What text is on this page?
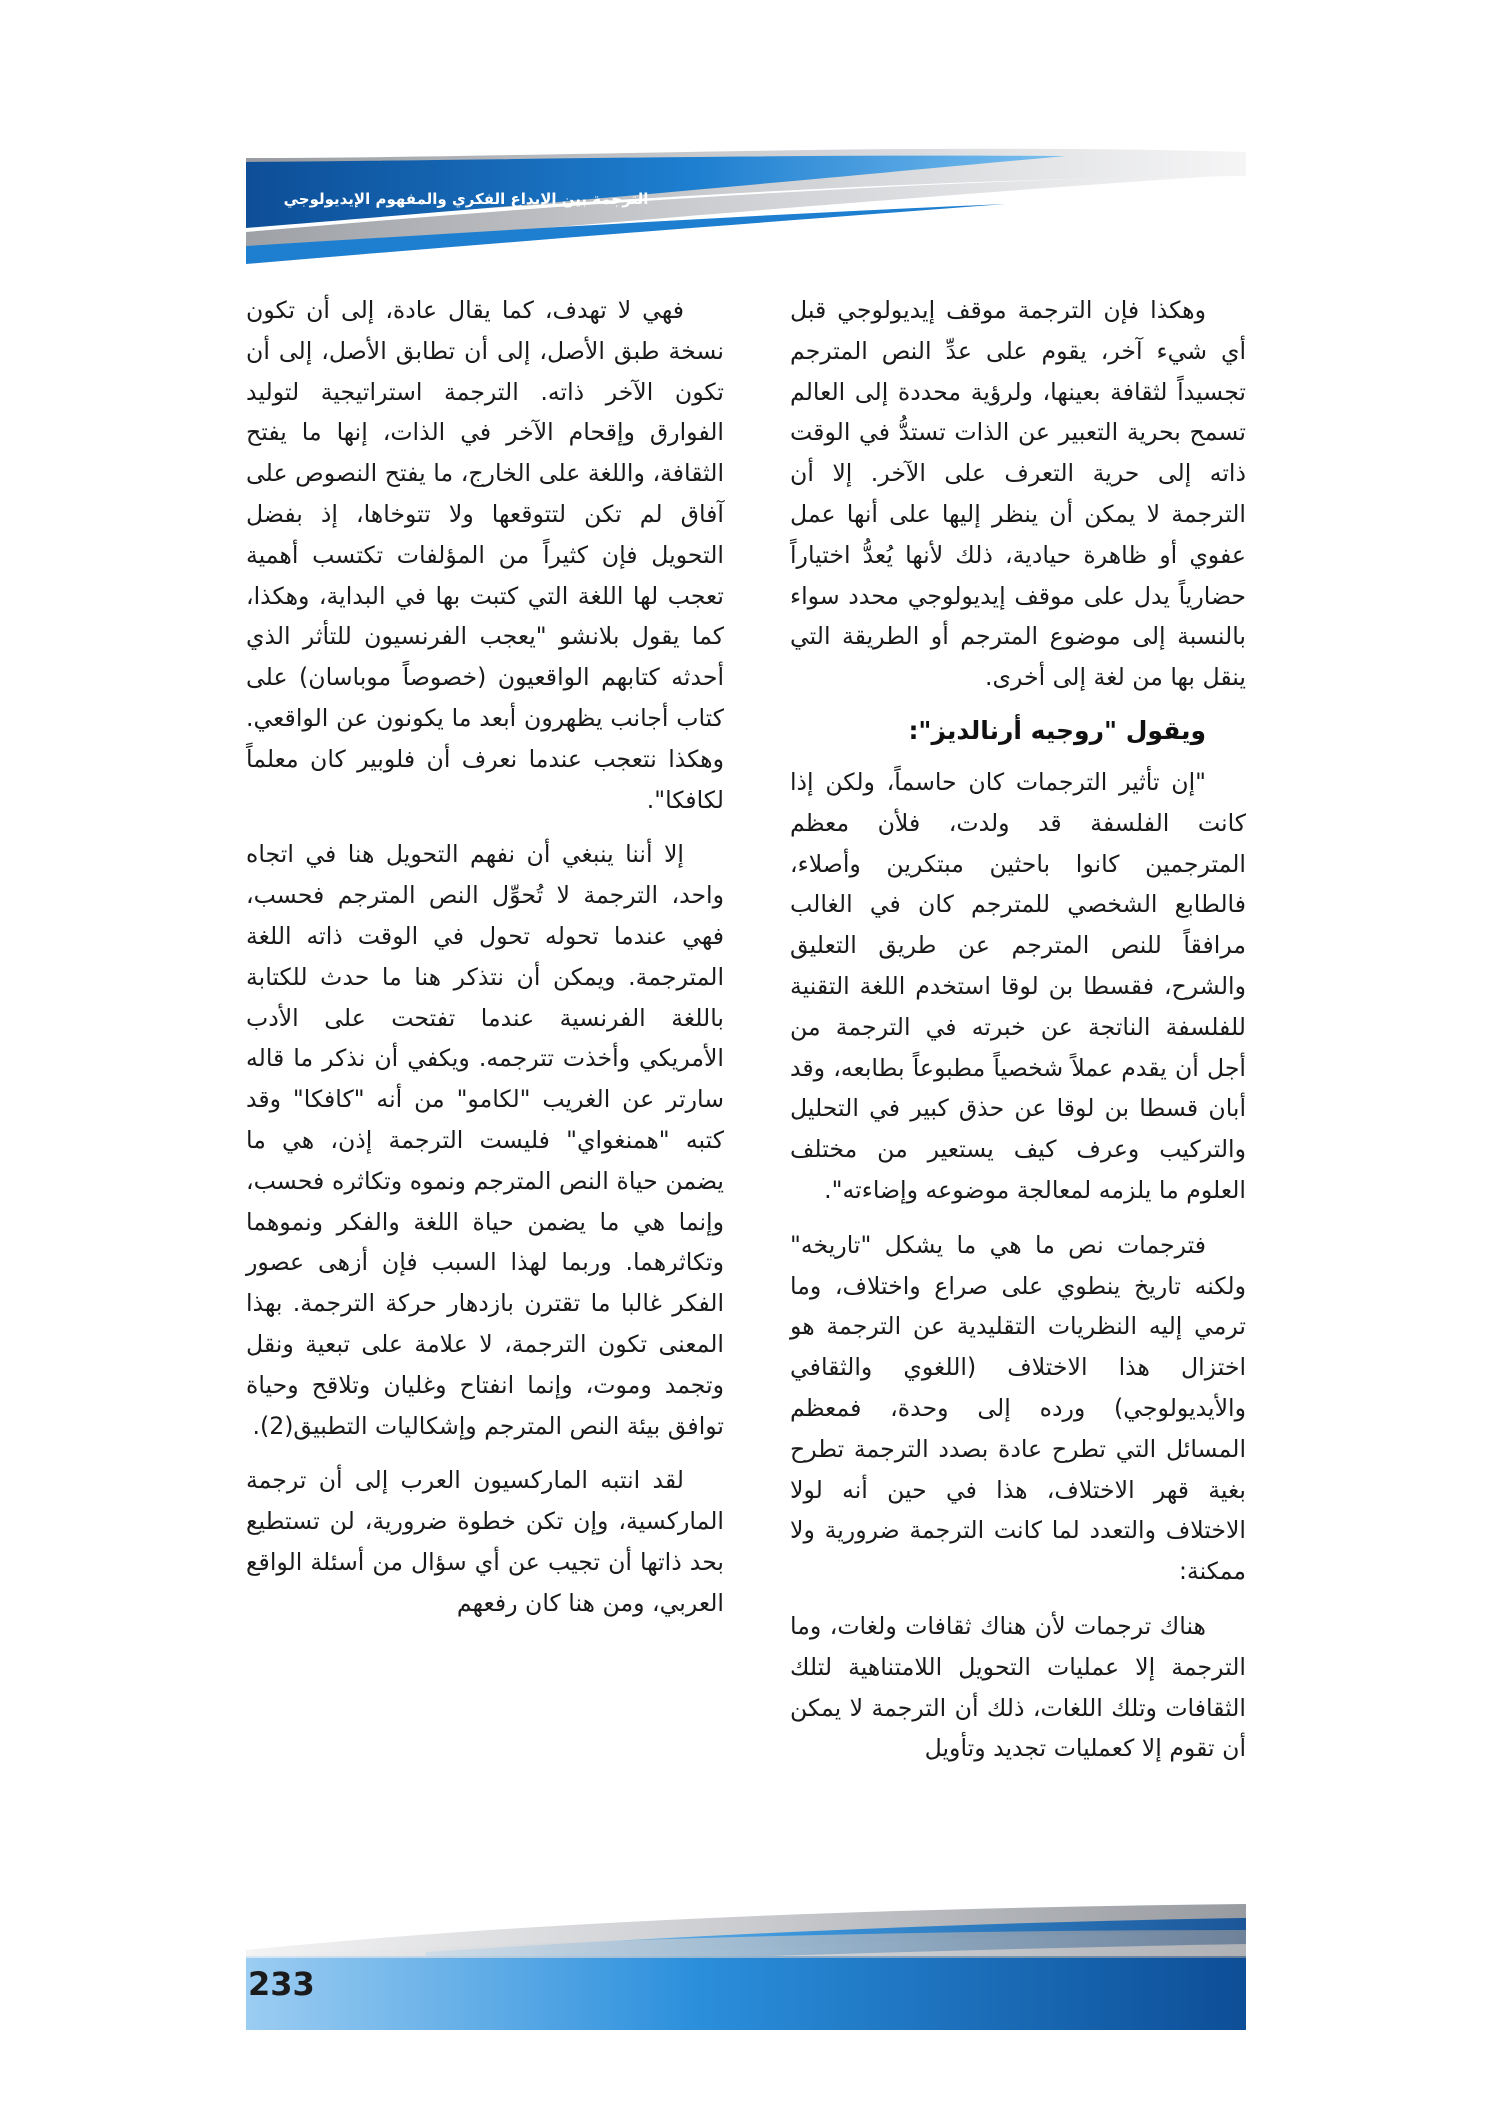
الترجمة بين الإبداع الفكري والمفهوم الإيديولوجي

وهكذا فإن الترجمة موقف إيديولوجي قبل أي شيء آخر، يقوم على عدِّ النص المترجم تجسيداً لثقافة بعينها، ولرؤية محددة إلى العالم تسمح بحرية التعبير عن الذات تستدُّ في الوقت ذاته إلى حرية التعرف على الآخر. إلا أن الترجمة لا يمكن أن ينظر إليها على أنها عمل عفوي أو ظاهرة حيادية، ذلك لأنها يُعدُّ اختياراً حضارياً يدل على موقف إيديولوجي محدد سواء بالنسبة إلى موضوع المترجم أو الطريقة التي ينقل بها من لغة إلى أخرى.

ويقول "روجيه أرنالديز":

"إن تأثير الترجمات كان حاسماً، ولكن إذا كانت الفلسفة قد ولدت، فلأن معظم المترجمين كانوا باحثين مبتكرين وأصلاء، فالطابع الشخصي للمترجم كان في الغالب مرافقاً للنص المترجم عن طريق التعليق والشرح، فقسطا بن لوقا استخدم اللغة التقنية للفلسفة الناتجة عن خبرته في الترجمة من أجل أن يقدم عملاً شخصياً مطبوعاً بطابعه، وقد أبان قسطا بن لوقا عن حذق كبير في التحليل والتركيب وعرف كيف يستعير من مختلف العلوم ما يلزمه لمعالجة موضوعه وإضاءته".

فترجمات نص ما هي ما يشكل "تاريخه" ولكنه تاريخ ينطوي على صراع واختلاف، وما ترمي إليه النظريات التقليدية عن الترجمة هو اختزال هذا الاختلاف (اللغوي والثقافي والأيديولوجي) ورده إلى وحدة، فمعظم المسائل التي تطرح عادة بصدد الترجمة تطرح بغية قهر الاختلاف، هذا في حين أنه لولا الاختلاف والتعدد لما كانت الترجمة ضرورية ولا ممكنة:

هناك ترجمات لأن هناك ثقافات ولغات، وما الترجمة إلا عمليات التحويل اللامتناهية لتلك الثقافات وتلك اللغات، ذلك أن الترجمة لا يمكن أن تقوم إلا كعمليات تجديد وتأويل

فهي لا تهدف، كما يقال عادة، إلى أن تكون نسخة طبق الأصل، إلى أن تطابق الأصل، إلى أن تكون الآخر ذاته. الترجمة استراتيجية لتوليد الفوارق وإقحام الآخر في الذات، إنها ما يفتح الثقافة، واللغة على الخارج، ما يفتح النصوص على آفاق لم تكن لتتوقعها ولا تتوخاها، إذ بفضل التحويل فإن كثيراً من المؤلفات تكتسب أهمية تعجب لها اللغة التي كتبت بها في البداية، وهكذا، كما يقول بلانشو "يعجب الفرنسيون للتأثر الذي أحدثه كتابهم الواقعيون (خصوصاً موباسان) على كتاب أجانب يظهرون أبعد ما يكونون عن الواقعي. وهكذا نتعجب عندما نعرف أن فلوبير كان معلماً لكافكا".

إلا أننا ينبغي أن نفهم التحويل هنا في اتجاه واحد، الترجمة لا تُحوِّل النص المترجم فحسب، فهي عندما تحوله تحول في الوقت ذاته اللغة المترجمة. ويمكن أن نتذكر هنا ما حدث للكتابة باللغة الفرنسية عندما تفتحت على الأدب الأمريكي وأخذت تترجمه. ويكفي أن نذكر ما قاله سارتر عن الغريب "لكامو" من أنه "كافكا" وقد كتبه "همنغواي" فليست الترجمة إذن، هي ما يضمن حياة النص المترجم ونموه وتكاثره فحسب، وإنما هي ما يضمن حياة اللغة والفكر ونموهما وتكاثرهما. وربما لهذا السبب فإن أزهى عصور الفكر غالبا ما تقترن بازدهار حركة الترجمة. بهذا المعنى تكون الترجمة، لا علامة على تبعية ونقل وتجمد وموت، وإنما انفتاح وغليان وتلاقح وحياة توافق بيئة النص المترجم وإشكاليات التطبيق(2).

لقد انتبه الماركسيون العرب إلى أن ترجمة الماركسية، وإن تكن خطوة ضرورية، لن تستطيع بحد ذاتها أن تجيب عن أي سؤال من أسئلة الواقع العربي، ومن هنا كان رفعهم

233
